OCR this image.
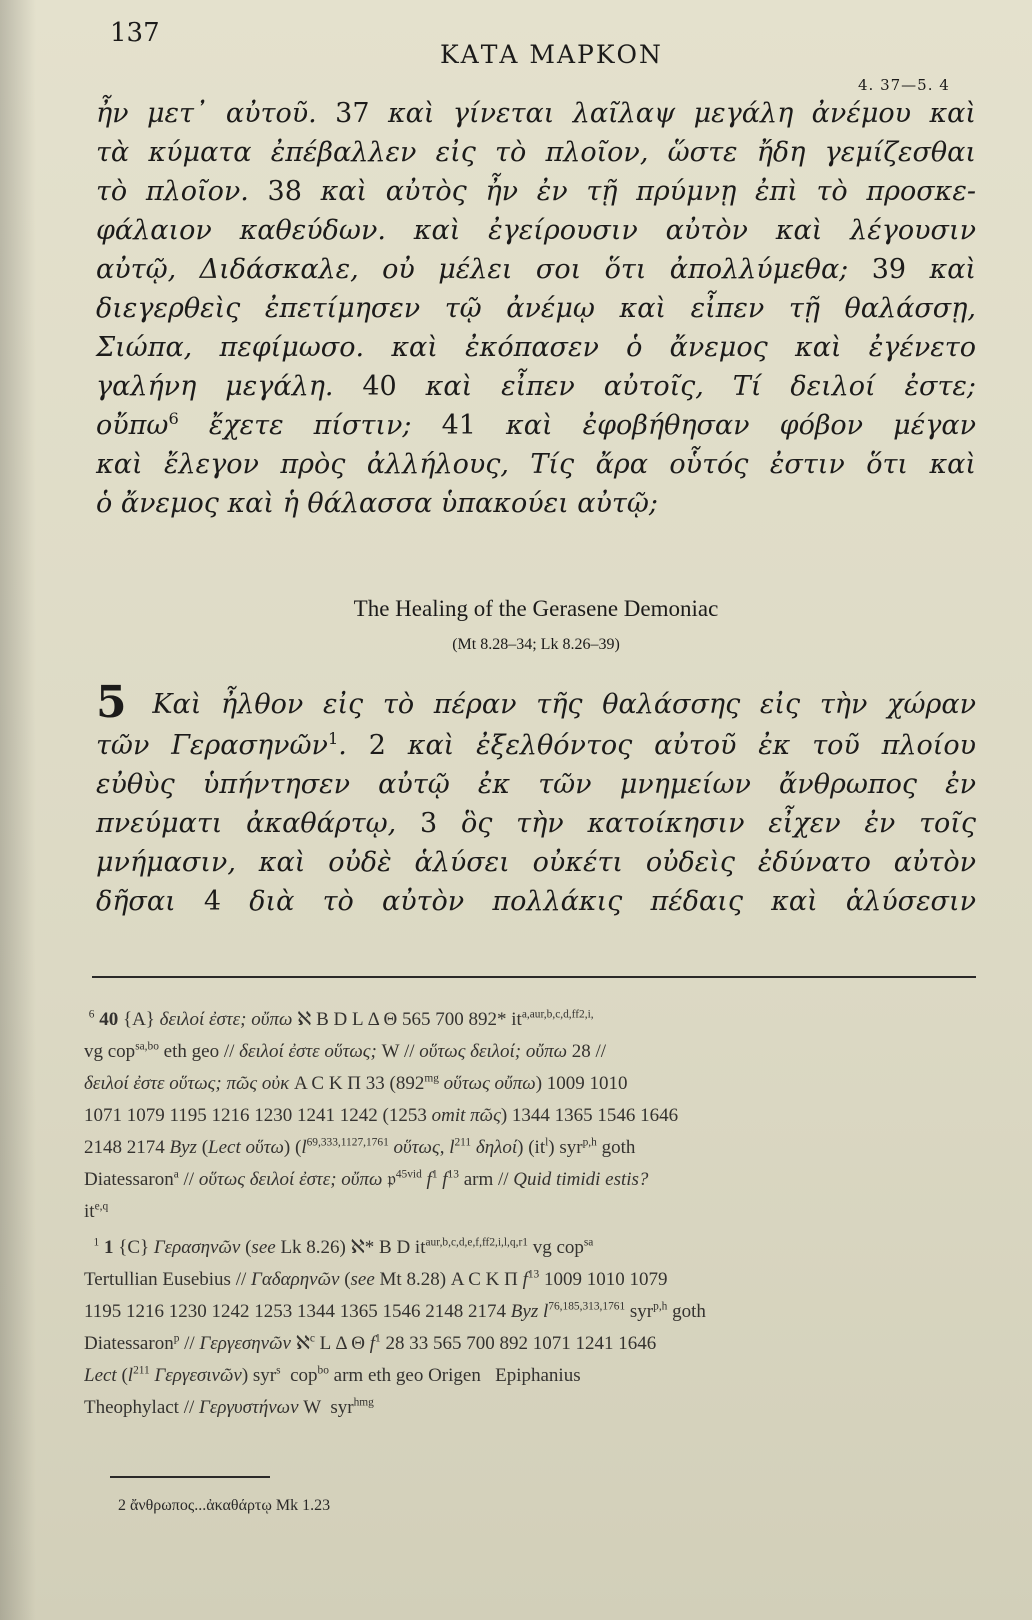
137
ΚΑΤΑ ΜΑΡΚΟΝ
4. 37—5. 4
ἦν μετ᾽ αὐτοῦ. 37 καὶ γίνεται λαῖλαψ μεγάλη ἀνέμου καὶ
τὰ κύματα ἐπέβαλλεν εἰς τὸ πλοῖον, ὥστε ἤδη γεμίζεσθαι
τὸ πλοῖον. 38 καὶ αὐτὸς ἦν ἐν τῇ πρύμνῃ ἐπὶ τὸ προσκε-
φάλαιον καθεύδων. καὶ ἐγείρουσιν αὐτὸν καὶ λέγουσιν
αὐτῷ, Διδάσκαλε, οὐ μέλει σοι ὅτι ἀπολλύμεθα; 39 καὶ
διεγερθεὶς ἐπετίμησεν τῷ ἀνέμῳ καὶ εἶπεν τῇ θαλάσσῃ,
Σιώπα, πεφίμωσο. καὶ ἐκόπασεν ὁ ἄνεμος καὶ ἐγένετο
γαλήνη μεγάλη. 40 καὶ εἶπεν αὐτοῖς, Τί δειλοί ἐστε;
οὔπω$^6$ ἔχετε πίστιν; 41 καὶ ἐφοβήθησαν φόβον μέγαν
καὶ ἔλεγον πρὸς ἀλλήλους, Τίς ἄρα οὗτός ἐστιν ὅτι καὶ
ὁ ἄνεμος καὶ ἡ θάλασσα ὑπακούει αὐτῷ;
The Healing of the Gerasene Demoniac
(Mt 8.28–34; Lk 8.26–39)
5 Καὶ ἦλθον εἰς τὸ πέραν τῆς θαλάσσης εἰς τὴν χώραν
τῶν Γερασηνῶν$^1$. 2 καὶ ἐξελθόντος αὐτοῦ ἐκ τοῦ πλοίου
εὐθὺς ὑπήντησεν αὐτῷ ἐκ τῶν μνημείων ἄνθρωπος ἐν
πνεύματι ἀκαθάρτῳ, 3 ὃς τὴν κατοίκησιν εἶχεν ἐν τοῖς
μνήμασιν, καὶ οὐδὲ ἁλύσει οὐκέτι οὐδεὶς ἐδύνατο αὐτὸν
δῆσαι 4 διὰ τὸ αὐτὸν πολλάκις πέδαις καὶ ἁλύσεσιν
$^6$ 40 {A} δειλοί ἐστε; οὔπω ℵ B D L Δ Θ 565 700 892* $it^{a,aur,b,c,d,ff2,i,}$
vg cop$^{sa,bo}$ eth geo // δειλοί ἐστε οὕτως; W // οὕτως δειλοί; οὔπω 28 //
δειλοί ἐστε οὕτως; πῶς οὐκ A C K Π 33 ($892^{mg}$ οὕτως οὔπω) 1009 1010
1071 1079 1195 1216 1230 1241 1242 (1253 omit πῶς) 1344 1365 1546 1646
2148 2174 Byz (Lect οὕτω) ($l^{69,333,1127,1761}$ οὕτως, $l^{211}$ δηλοί) $(it^l)$ syr$^{p,h}$ goth
Diatessaron$^a$ // οὕτως δειλοί ἐστε; οὔπω 𝔭$^{45vid}$ $f^1$ $f^{13}$ arm // Quid timidi estis?
it$^{e,q}$
$^1$ 1 {C} Γερασηνῶν (see Lk 8.26) ℵ* B D $it^{aur,b,c,d,e,f,ff2,i,l,q,r1}$ vg cop$^{sa}$
Tertullian Eusebius // Γαδαρηνῶν (see Mt 8.28) A C K Π $f^{13}$ 1009 1010 1079
1195 1216 1230 1242 1253 1344 1365 1546 2148 2174 Byz $l^{76,185,313,1761}$ syr$^{p,h}$ goth
Diatessaron$^p$ // Γεργεσηνῶν ℵ$^c$ L Δ Θ $f^1$ 28 33 565 700 892 1071 1241 1646
Lect ($l^{211}$ Γεργεσινῶν) syr$^s$  cop$^{bo}$ arm eth geo Origen   Epiphanius
Theophylact // Γεργυστήνων W  syr$^{hmg}$
2 ἄνθρωπος...ἀκαθάρτῳ Mk 1.23
